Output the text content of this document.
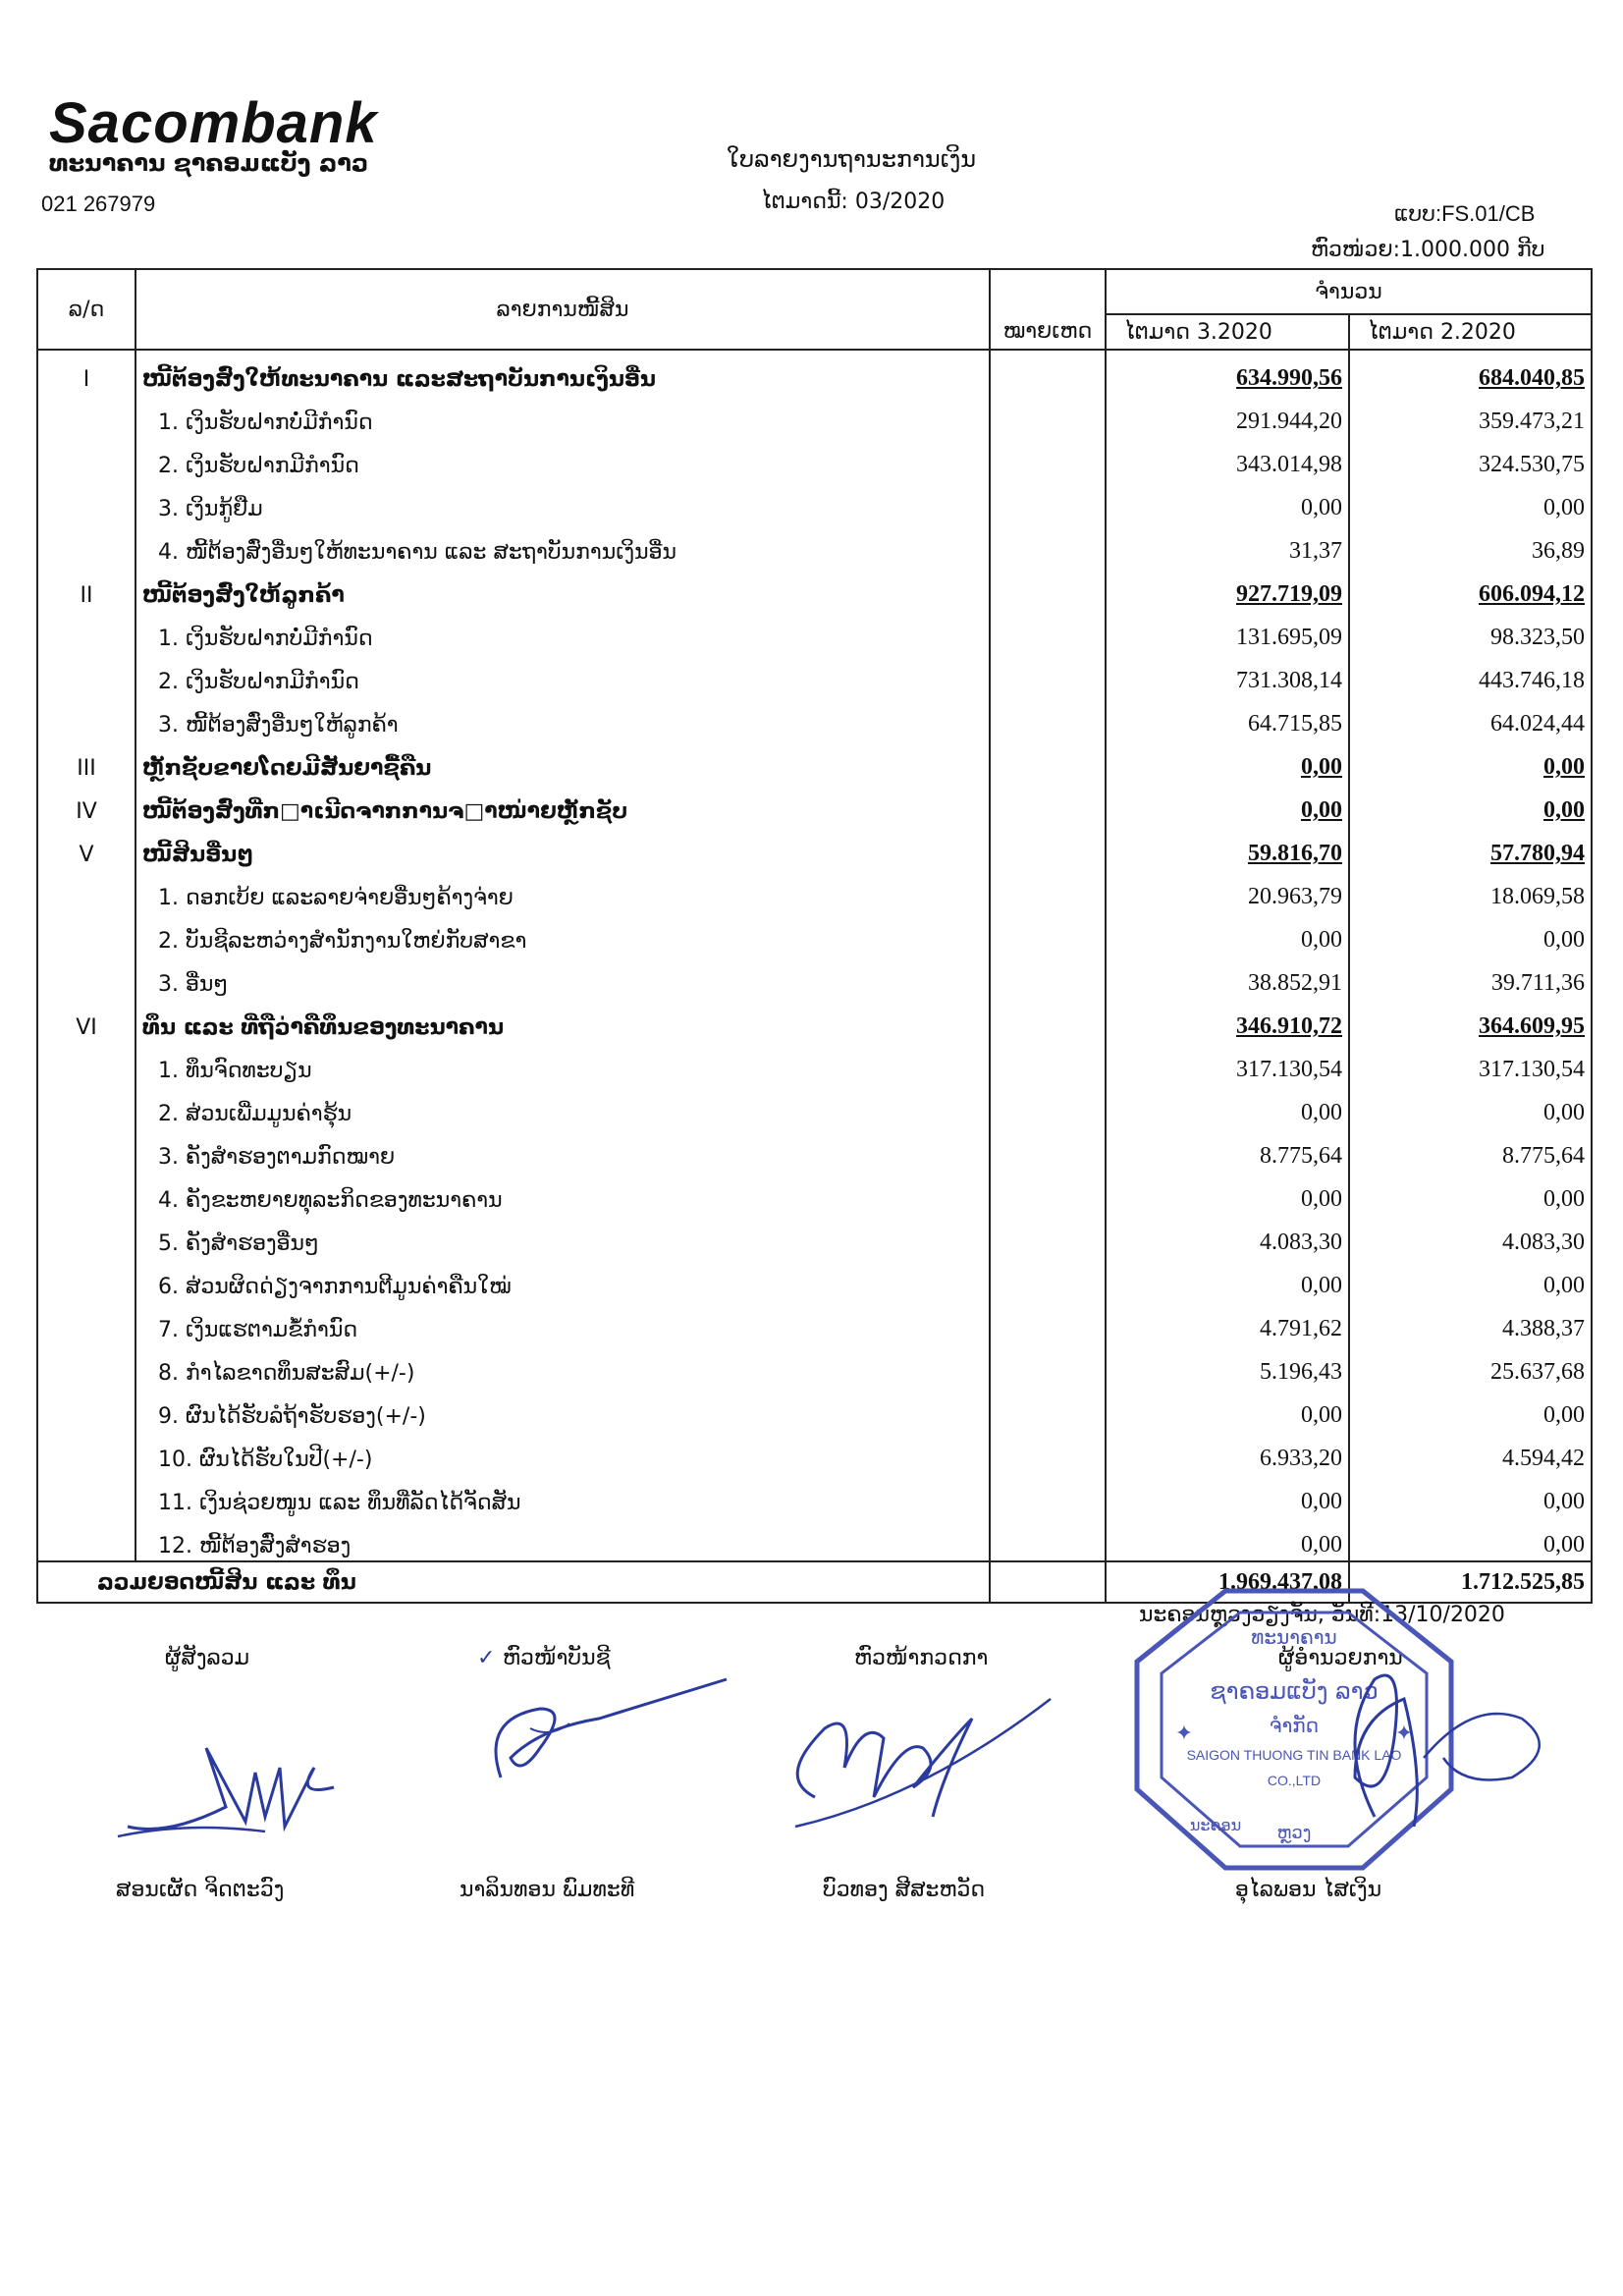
Sacombank
ທະນາຄານ ຊາຄອມແບັງ ລາວ
021 267979
ໃບລາຍງານຖານະການເງິນ
ໄຕມາດນີ້: 03/2020	ແບບ:FS.01/CB
ຫົວໜ່ວຍ:1.000.000 ກີບ
ລ/ດ	ລາຍການໜີ້ສິນ		ຈຳນວນ	
		ໝາຍເຫດ	ໄຕມາດ 3.2020	ໄຕມາດ 2.2020
I	ໜີ້ຕ້ອງສົ່ງໃຫ້ທະນາຄານ ແລະສະຖາບັນການເງິນອື່ນ		634.990,56	684.040,85
	1. ເງິນຮັບຝາກບໍ່ມີກຳນົດ		291.944,20	359.473,21
	2. ເງິນຮັບຝາກມີກຳນົດ		343.014,98	324.530,75
	3. ເງິນກູ້ຢືມ		0,00	0,00
	4. ໜີ້ຕ້ອງສົ່ງອື່ນໆໃຫ້ທະນາຄານ ແລະ ສະຖາບັນການເງິນອື່ນ		31,37	36,89
II	ໜີ້ຕ້ອງສົ່ງໃຫ້ລູກຄ້າ		927.719,09	606.094,12
	1. ເງິນຮັບຝາກບໍ່ມີກຳນົດ		131.695,09	98.323,50
	2. ເງິນຮັບຝາກມີກຳນົດ		731.308,14	443.746,18
	3. ໜີ້ຕ້ອງສົ່ງອື່ນໆໃຫ້ລູກຄ້າ		64.715,85	64.024,44
III	ຫຼັກຊັບຂາຍໂດຍມີສັນຍາຊື້ຄືນ		0,00	0,00
IV	ໜີ້ຕ້ອງສົ່ງທີ່ກ□າເນີດຈາກການຈ□າໜ່າຍຫຼັກຊັບ		0,00	0,00
V	ໜີ້ສິນອື່ນໆ		59.816,70	57.780,94
	1. ດອກເບ້ຍ ແລະລາຍຈ່າຍອື່ນໆຄ້າງຈ່າຍ		20.963,79	18.069,58
	2. ບັນຊີລະຫວ່າງສຳນັກງານໃຫຍ່ກັບສາຂາ		0,00	0,00
	3. ອື່ນໆ		38.852,91	39.711,36
VI	ທຶນ ແລະ ທີ່ຖືວ່າຄືທຶນຂອງທະນາຄານ		346.910,72	364.609,95
	1. ທຶນຈົດທະບຽນ		317.130,54	317.130,54
	2. ສ່ວນເພີ່ມມູນຄ່າຮຸ້ນ		0,00	0,00
	3. ຄັງສຳຮອງຕາມກົດໝາຍ		8.775,64	8.775,64
	4. ຄັງຂະຫຍາຍທຸລະກິດຂອງທະນາຄານ		0,00	0,00
	5. ຄັງສຳຮອງອື່ນໆ		4.083,30	4.083,30
	6. ສ່ວນຜິດດ່ຽງຈາກການຕີມູນຄ່າຄືນໃໝ່		0,00	0,00
	7. ເງິນແຮຕາມຂໍ້ກຳນົດ		4.791,62	4.388,37
	8. ກຳໄລຂາດທຶນສະສົມ(+/-)		5.196,43	25.637,68
	9. ຜົນໄດ້ຮັບລໍຖ້າຮັບຮອງ(+/-)		0,00	0,00
	10. ຜົນໄດ້ຮັບໃນປີ(+/-)		6.933,20	4.594,42
	11. ເງິນຊ່ວຍໜູນ ແລະ ທຶນທີ່ລັດໄດ້ຈັດສັນ		0,00	0,00
	12. ໜີ້ຕ້ອງສົ່ງສຳຮອງ		0,00	0,00
ລວມຍອດໜີ້ສິນ ແລະ ທຶນ			1.969.437,08	1.712.525,85
ນະຄອນຫຼວງວຽງຈັນ, ວັນທີ:13/10/2020
ຜູ້ສັງລວມ	✓ ຫົວໜ້າບັນຊີ	ຫົວໜ້າກວດກາ	ຜູ້ອຳນວຍການ
ທະນາຄານ
ຊາຄອມແບັງ ລາວ
ຈຳກັດ
SAIGON THUONG TIN BANK LAO
CO.,LTD
ນະຄອນ ຫຼວງ
✦	✦
ສອນເຜັດ ຈິດຕະວົງ	ນາລິນທອນ ພົມທະທີ	ບົວທອງ ສີສະຫວັດ	ອຸໄລພອນ ໄສເງິນ
